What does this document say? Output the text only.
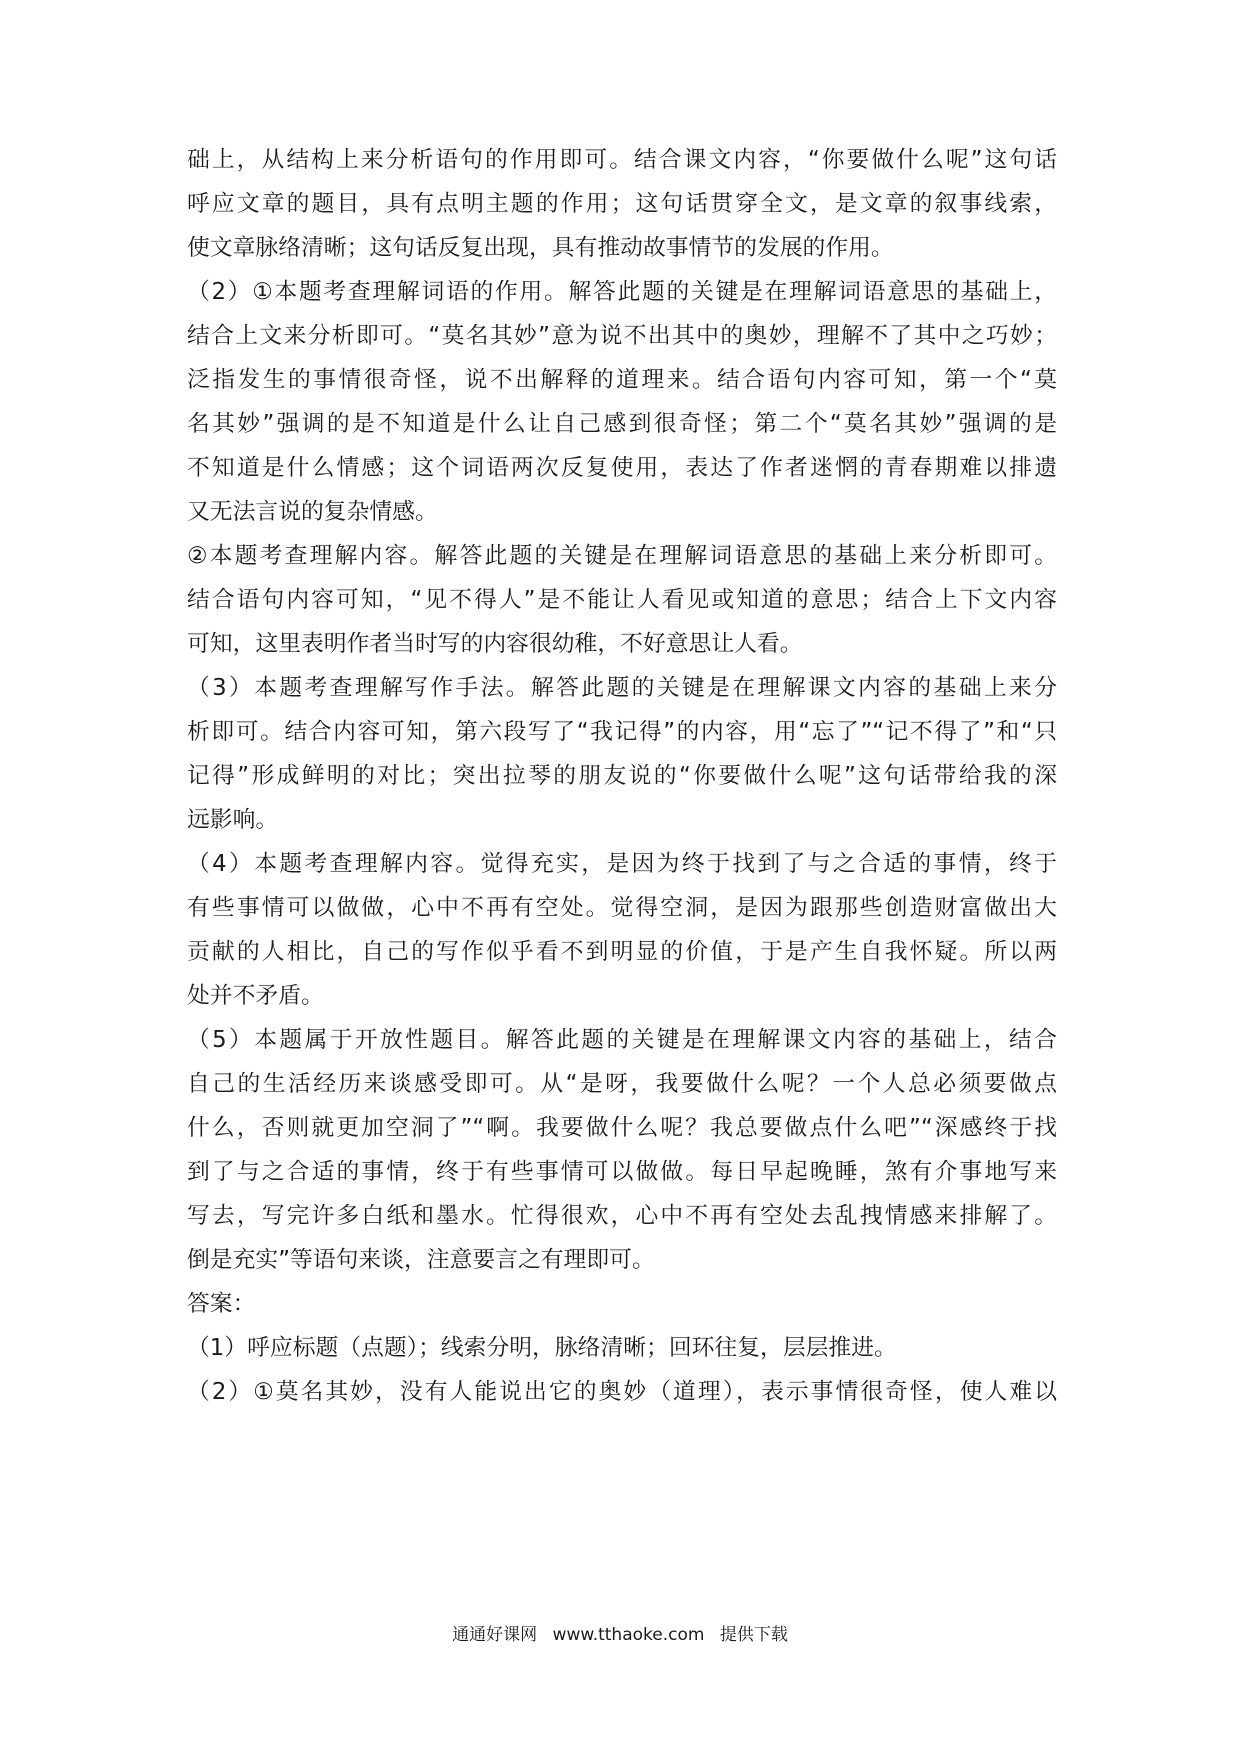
础上，从结构上来分析语句的作用即可。结合课文内容，“你要做什么呢”这句话
呼应文章的题目，具有点明主题的作用；这句话贯穿全文，是文章的叙事线索，
使文章脉络清晰；这句话反复出现，具有推动故事情节的发展的作用。
（2）①本题考查理解词语的作用。解答此题的关键是在理解词语意思的基础上，
结合上文来分析即可。“莫名其妙”意为说不出其中的奥妙，理解不了其中之巧妙；
泛指发生的事情很奇怪，说不出解释的道理来。结合语句内容可知，第一个“莫
名其妙”强调的是不知道是什么让自己感到很奇怪；第二个“莫名其妙”强调的是
不知道是什么情感；这个词语两次反复使用，表达了作者迷惘的青春期难以排遗
又无法言说的复杂情感。
②本题考查理解内容。解答此题的关键是在理解词语意思的基础上来分析即可。
结合语句内容可知，“见不得人”是不能让人看见或知道的意思；结合上下文内容
可知，这里表明作者当时写的内容很幼稚，不好意思让人看。
（3）本题考查理解写作手法。解答此题的关键是在理解课文内容的基础上来分
析即可。结合内容可知，第六段写了“我记得”的内容，用“忘了”“记不得了”和“只
记得”形成鲜明的对比；突出拉琴的朋友说的“你要做什么呢”这句话带给我的深
远影响。
（4）本题考查理解内容。觉得充实，是因为终于找到了与之合适的事情，终于
有些事情可以做做，心中不再有空处。觉得空洞，是因为跟那些创造财富做出大
贡献的人相比，自己的写作似乎看不到明显的价值，于是产生自我怀疑。所以两
处并不矛盾。
（5）本题属于开放性题目。解答此题的关键是在理解课文内容的基础上，结合
自己的生活经历来谈感受即可。从“是呀，我要做什么呢？一个人总必须要做点
什么，否则就更加空洞了”“啊。我要做什么呢？我总要做点什么吧”“深感终于找
到了与之合适的事情，终于有些事情可以做做。每日早起晚睡，煞有介事地写来
写去，写完许多白纸和墨水。忙得很欢，心中不再有空处去乱拽情感来排解了。
倒是充实”等语句来谈，注意要言之有理即可。
答案：
（1）呼应标题（点题）；线索分明，脉络清晰；回环往复，层层推进。
（2）①莫名其妙，没有人能说出它的奥妙（道理），表示事情很奇怪，使人难以
通通好课网 www.tthaoke.com 提供下载
